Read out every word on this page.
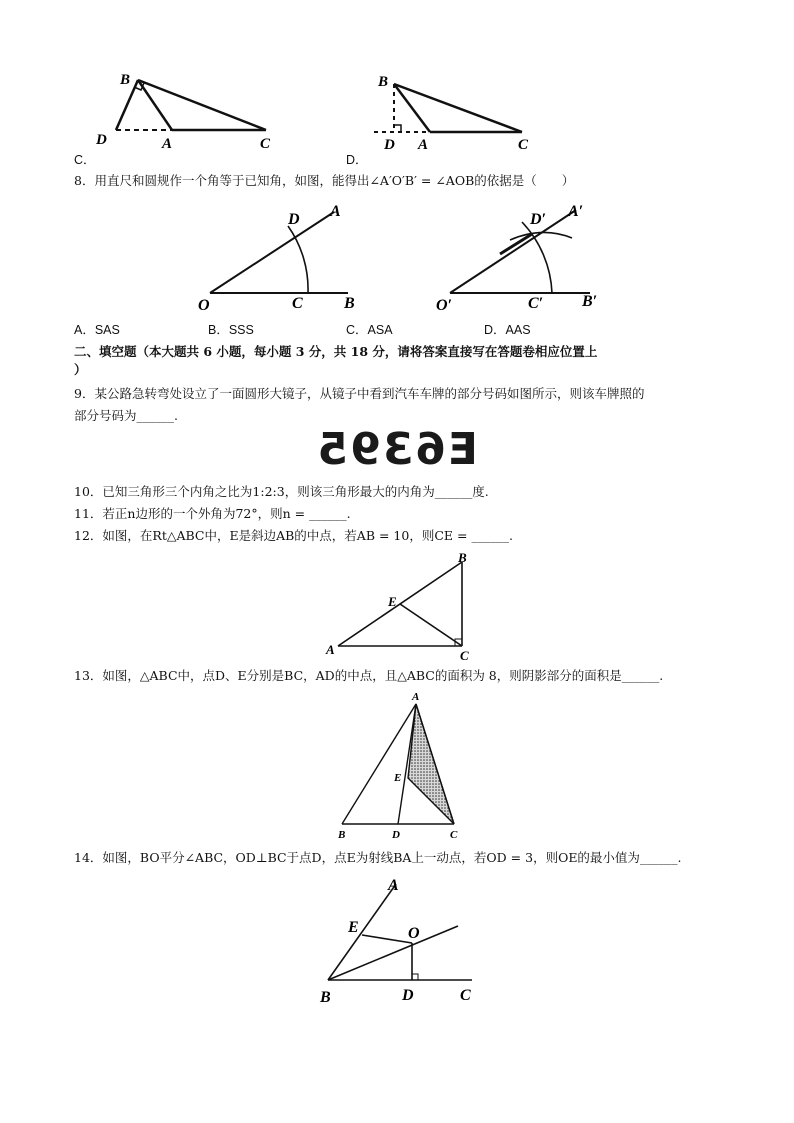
B
D	A	C
C．
B
D A	C
D．
8．用直尺和圆规作一个角等于已知角，如图，能得出∠A′O′B′ = ∠AOB的依据是（　　）
O	C	B
D A
O′	C′ B′
D′ A′
A．SAS	B．SSS	C．ASA	D．AAS
二、填空题（本大题共 6 小题，每小题 3 分，共 18 分，请将答案直接写在答题卷相应位置上
）
9．某公路急转弯处设立了一面圆形大镜子，从镜子中看到汽车车牌的部分号码如图所示，则该车牌照的
部分号码为______.
E6395
10．已知三角形三个内角之比为1:2:3，则该三角形最大的内角为______度.
11．若正n边形的一个外角为72°，则n = ______.
12．如图，在Rt△ABC中，E是斜边AB的中点，若AB = 10，则CE = ______.
A
B
C
E
13．如图，△ABC中，点D、E分别是BC，AD的中点，且△ABC的面积为 8，则阴影部分的面积是______.
A
B	D	C
E
14．如图，BO平分∠ABC，OD⊥BC于点D，点E为射线BA上一动点，若OD = 3，则OE的最小值为______.
A
E	O
B	D	C
